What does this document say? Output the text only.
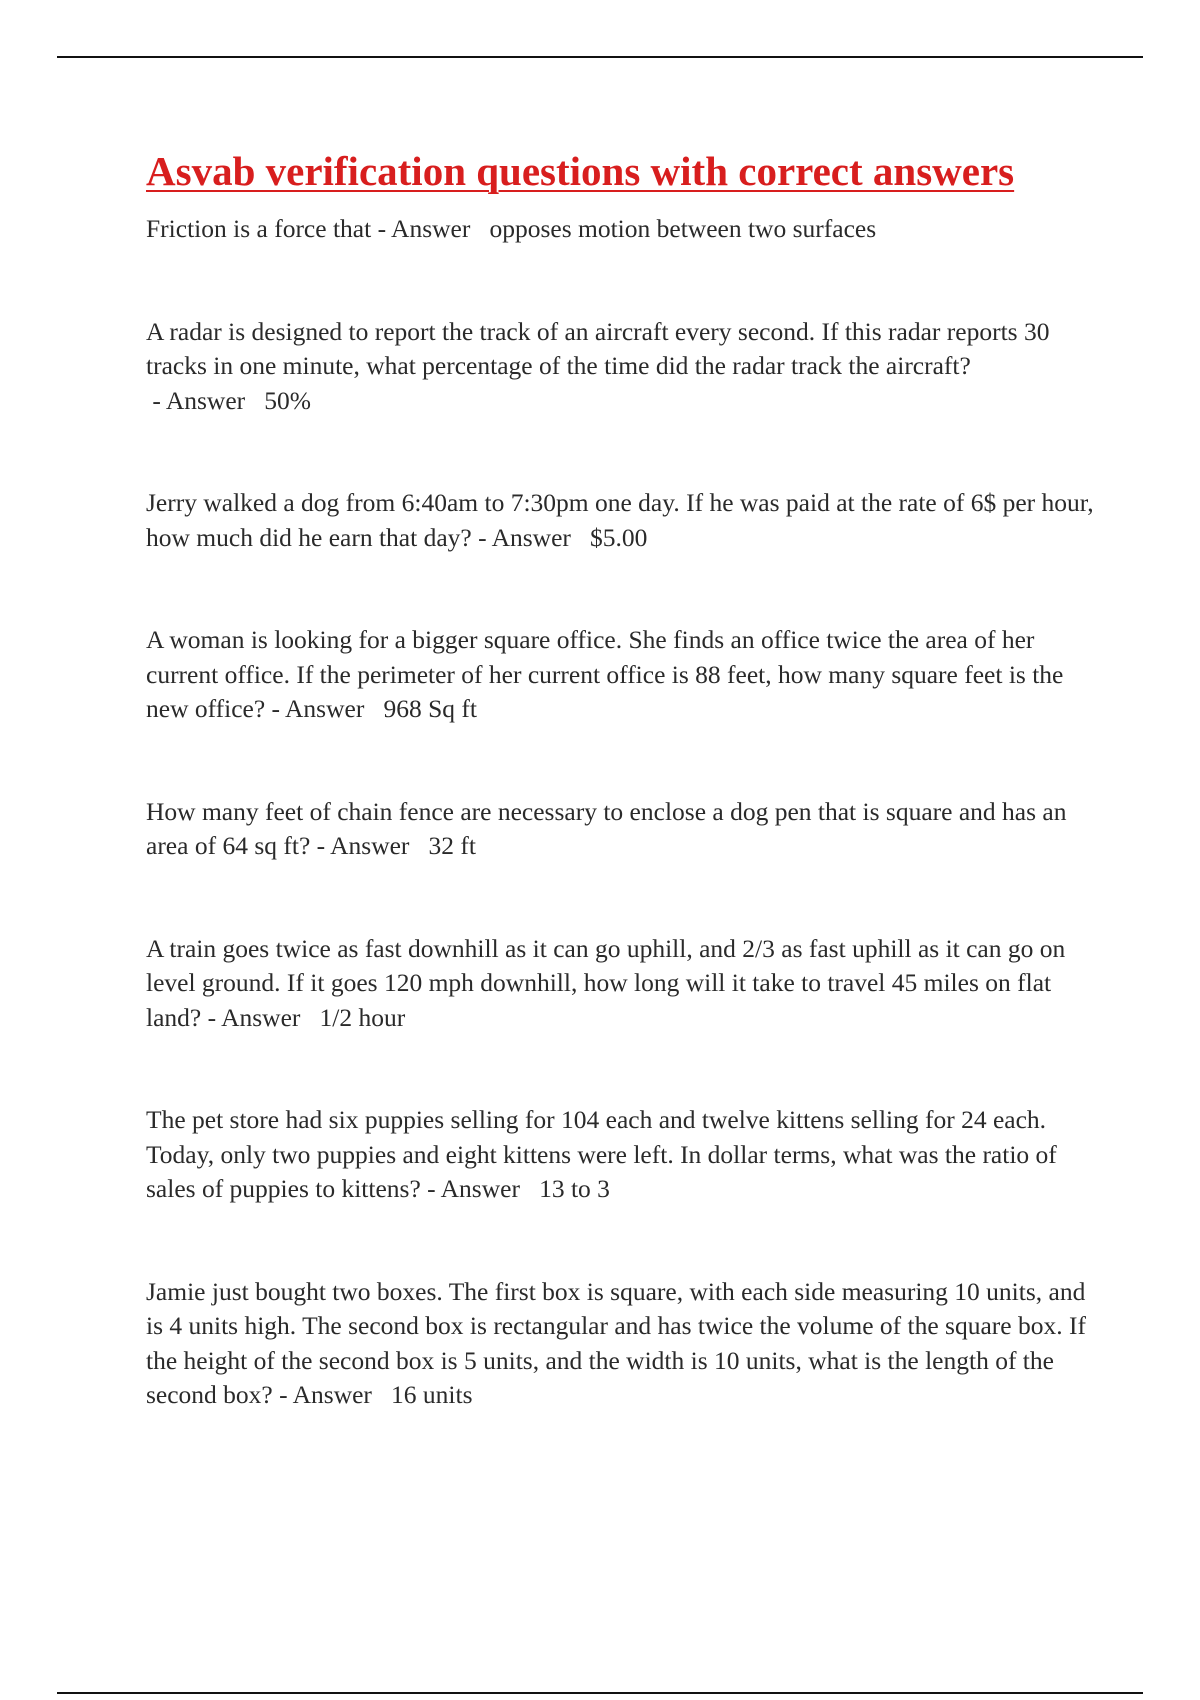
Asvab verification questions with correct answers

Friction is a force that - Answer   opposes motion between two surfaces

A radar is designed to report the track of an aircraft every second. If this radar reports 30 tracks in one minute, what percentage of the time did the radar track the aircraft? - Answer   50%

Jerry walked a dog from 6:40am to 7:30pm one day. If he was paid at the rate of 6$ per hour, how much did he earn that day? - Answer   $5.00

A woman is looking for a bigger square office. She finds an office twice the area of her current office. If the perimeter of her current office is 88 feet, how many square feet is the new office? - Answer   968 Sq ft

How many feet of chain fence are necessary to enclose a dog pen that is square and has an area of 64 sq ft? - Answer   32 ft

A train goes twice as fast downhill as it can go uphill, and 2/3 as fast uphill as it can go on level ground. If it goes 120 mph downhill, how long will it take to travel 45 miles on flat land? - Answer   1/2 hour

The pet store had six puppies selling for 104 each and twelve kittens selling for 24 each. Today, only two puppies and eight kittens were left. In dollar terms, what was the ratio of sales of puppies to kittens? - Answer   13 to 3

Jamie just bought two boxes. The first box is square, with each side measuring 10 units, and is 4 units high. The second box is rectangular and has twice the volume of the square box. If the height of the second box is 5 units, and the width is 10 units, what is the length of the second box? - Answer   16 units
